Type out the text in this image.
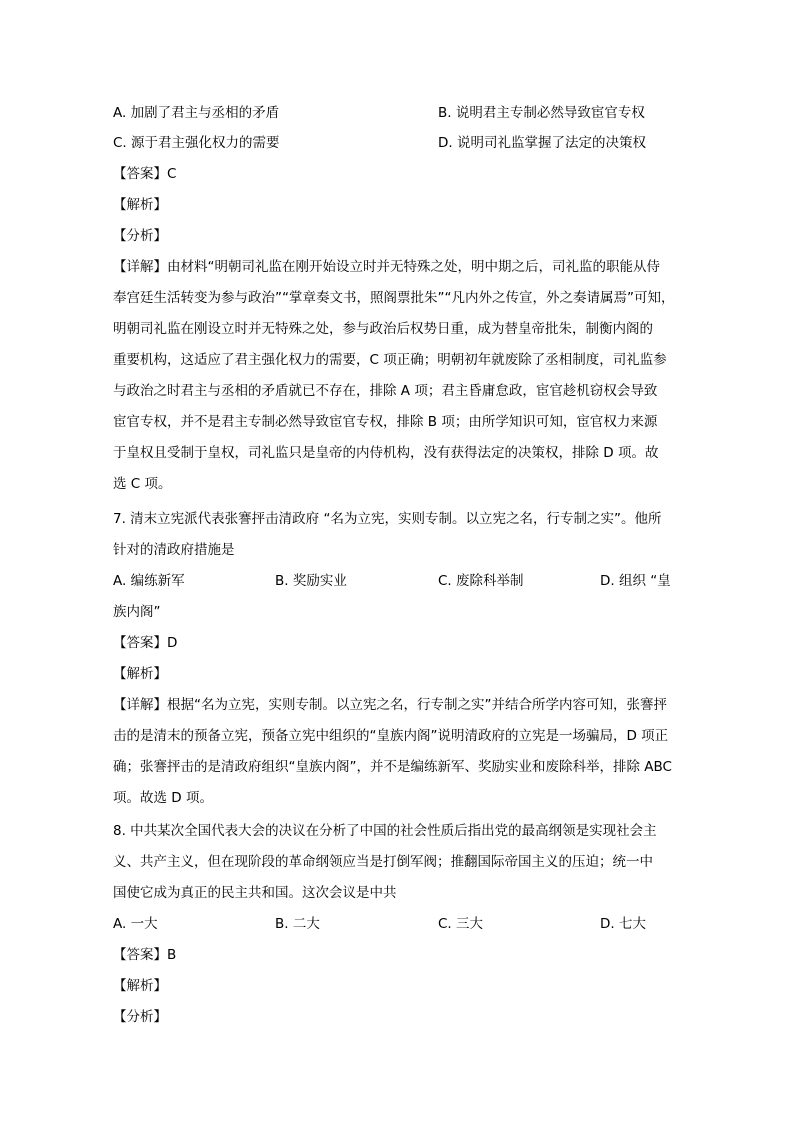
A. 加剧了君主与丞相的矛盾	B. 说明君主专制必然导致宦官专权
C. 源于君主强化权力的需要	D. 说明司礼监掌握了法定的决策权
【答案】C
【解析】
【分析】
【详解】由材料“明朝司礼监在刚开始设立时并无特殊之处，明中期之后，司礼监的职能从侍
奉宫廷生活转变为参与政治”“掌章奏文书，照阁票批朱”“凡内外之传宣，外之奏请属焉”可知，
明朝司礼监在刚设立时并无特殊之处，参与政治后权势日重，成为替皇帝批朱，制衡内阁的
重要机构，这适应了君主强化权力的需要，C 项正确；明朝初年就废除了丞相制度，司礼监参
与政治之时君主与丞相的矛盾就已不存在，排除 A 项；君主昏庸怠政，宦官趁机窃权会导致
宦官专权，并不是君主专制必然导致宦官专权，排除 B 项；由所学知识可知，宦官权力来源
于皇权且受制于皇权，司礼监只是皇帝的内侍机构，没有获得法定的决策权，排除 D 项。故
选 C 项。
7. 清末立宪派代表张謇抨击清政府 “名为立宪，实则专制。以立宪之名，行专制之实”。他所
针对的清政府措施是
A. 编练新军	B. 奖励实业	C. 废除科举制	D. 组织 “皇
族内阁”
【答案】D
【解析】
【详解】根据“名为立宪，实则专制。以立宪之名，行专制之实”并结合所学内容可知，张謇抨
击的是清末的预备立宪，预备立宪中组织的“皇族内阁”说明清政府的立宪是一场骗局，D 项正
确；张謇抨击的是清政府组织“皇族内阁”，并不是编练新军、奖励实业和废除科举，排除 ABC
项。故选 D 项。
8. 中共某次全国代表大会的决议在分析了中国的社会性质后指出党的最高纲领是实现社会主
义、共产主义，但在现阶段的革命纲领应当是打倒军阀；推翻国际帝国主义的压迫；统一中
国使它成为真正的民主共和国。这次会议是中共
A. 一大	B. 二大	C. 三大	D. 七大
【答案】B
【解析】
【分析】
